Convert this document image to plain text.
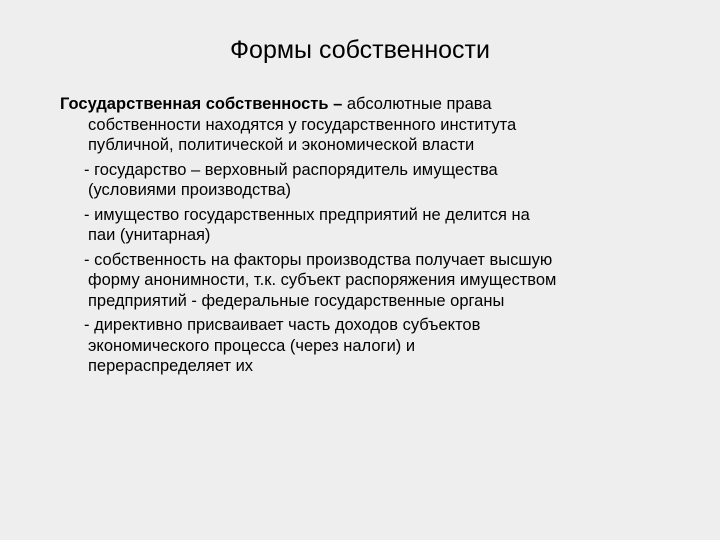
Формы собственности
Государственная собственность – абсолютные права
собственности находятся у государственного института
публичной, политической и экономической власти
- государство – верховный распорядитель имущества
(условиями производства)
- имущество государственных предприятий не делится на
паи (унитарная)
- собственность на факторы производства получает высшую
форму анонимности, т.к. субъект распоряжения имуществом
предприятий - федеральные государственные органы
- директивно присваивает часть доходов субъектов
экономического процесса (через налоги) и
перераспределяет их
